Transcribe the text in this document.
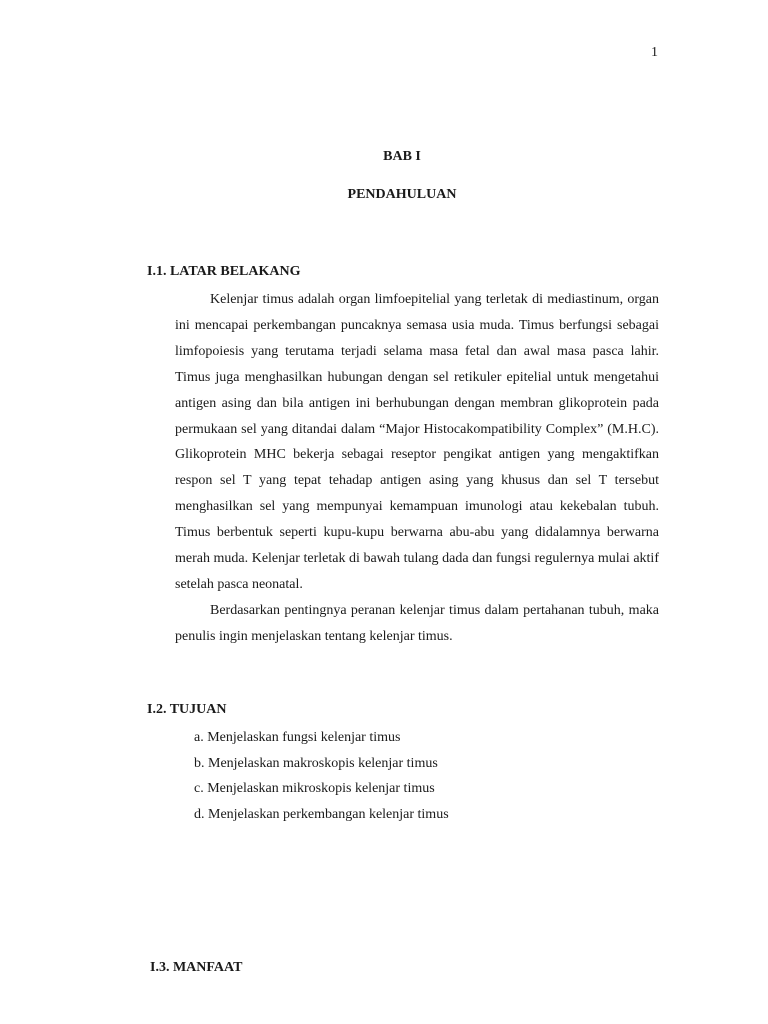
1
BAB I
PENDAHULUAN
I.1. LATAR BELAKANG

Kelenjar timus adalah organ limfoepitelial yang terletak di mediastinum, organ ini mencapai perkembangan puncaknya semasa usia muda. Timus berfungsi sebagai limfopoiesis yang terutama terjadi selama masa fetal dan awal masa pasca lahir. Timus juga menghasilkan hubungan dengan sel retikuler epitelial untuk mengetahui antigen asing dan bila antigen ini berhubungan dengan membran glikoprotein pada permukaan sel yang ditandai dalam “Major Histocakompatibility Complex” (M.H.C). Glikoprotein MHC bekerja sebagai reseptor pengikat antigen yang mengaktifkan respon sel T yang tepat tehadap antigen asing yang khusus dan sel T tersebut menghasilkan sel yang mempunyai kemampuan imunologi atau kekebalan tubuh. Timus berbentuk seperti kupu-kupu berwarna abu-abu yang didalamnya berwarna merah muda. Kelenjar terletak di bawah tulang dada dan fungsi regulernya mulai aktif setelah pasca neonatal.

Berdasarkan pentingnya peranan kelenjar timus dalam pertahanan tubuh, maka penulis ingin menjelaskan tentang kelenjar timus.

I.2. TUJUAN
a. Menjelaskan fungsi kelenjar timus
b. Menjelaskan makroskopis kelenjar timus
c. Menjelaskan mikroskopis kelenjar timus
d. Menjelaskan perkembangan kelenjar timus
I.3. MANFAAT
